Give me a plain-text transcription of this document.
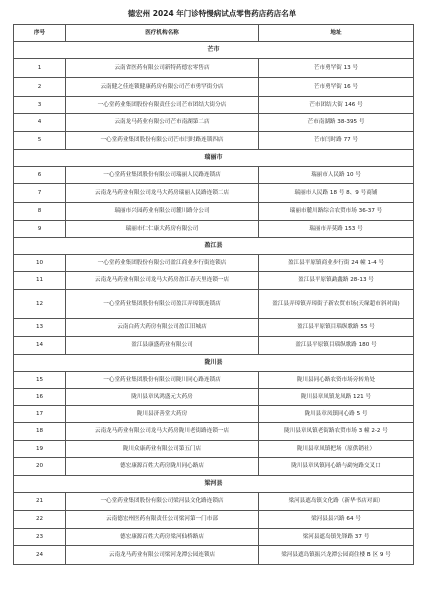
德宏州 2024 年门诊特慢病试点零售药店药店名单
序号	医疗机构名称	地址
芒市		
1	云南省医药有限公司新特药德宏零售店	芒市勇罕街 13 号
2	云南健之佳连锁健康药房有限公司芒市勇罕街分店	芒市勇罕街 16 号
3	一心堂药业集团股份有限责任公司芒市团结大街分店	芒市团结大街 146 号
4	云南龙马药业有限公司芒市南湖第二店	芒市南湖路 38-395 号
5	一心堂药业集团股份有限公司芒市闫时路连锁四店	芒市闫时路 77 号
瑞丽市		
6	一心堂药业集团股份有限公司瑞丽人民路连锁店	瑞丽市人民路 10 号
7	云南龙马药业有限公司龙马大药房瑞丽人民路连锁二店	瑞丽市人民路 18 号 8、9 号商铺
8	瑞丽市兴园药业有限公司麓川路分公司	瑞丽市麓川路综合农贸市场 36-37 号
9	瑞丽市仁仁康大药房有限公司	瑞丽市弄莫路 153 号
盈江县		
10	一心堂药业集团股份有限公司盈江商业步行街连锁店	盈江县平原镇商业步行街 24 幢 1-4 号
11	云南龙马药业有限公司龙马大药房盈江春天里连锁一店	盈江县平原镇勐鑫路 28-13 号
12	一心堂药业集团股份有限公司盈江弄璋镇连锁店	盈江县弄璋镇弄璋街子新农贸市场(天缘超市斜对面)
13	云南白药大药房有限公司盈江旧城店	盈江县平原镇目瑙纵歌路 55 号
14	盈江县康盛药业有限公司	盈江县平原镇目瑙纵歌路 180 号
陇川县		
15	一心堂药业集团股份有限公司陇川同心路连锁店	陇川县同心路农资市场旁转角处
16	陇川县章凤鸿盛元大药房	陇川县章凤镇龙凤路 121 号
17	陇川县济善堂大药房	陇川县章凤镇同心路 5 号
18	云南龙马药业有限公司龙马大药房陇川老街路连锁一店	陇川县章凤镇老街路农贸市场 3 幢 2-2 号
19	陇川众康药业有限公司第五门店	陇川县章凤镇把场（原供销社）
20	德宏康源百姓大药房陇川同心路店	陇川县章凤镇同心路与勐宛路交叉口
梁河县		
21	一心堂药业集团股份有限公司梁河县文化路连锁店	梁河县遮岛镇文化路（新华书店对面）
22	云南德宏州医药有限责任公司梁河第一门市部	梁河县县兴路 64 号
23	德宏康源百姓大药房梁河仙桥路店	梁河县遮岛镇先锋路 37 号
24	云南龙马药业有限公司梁河龙潭公园连锁店	梁河县遮岛镇振兴龙潭公园商住楼 B 区 9 号
